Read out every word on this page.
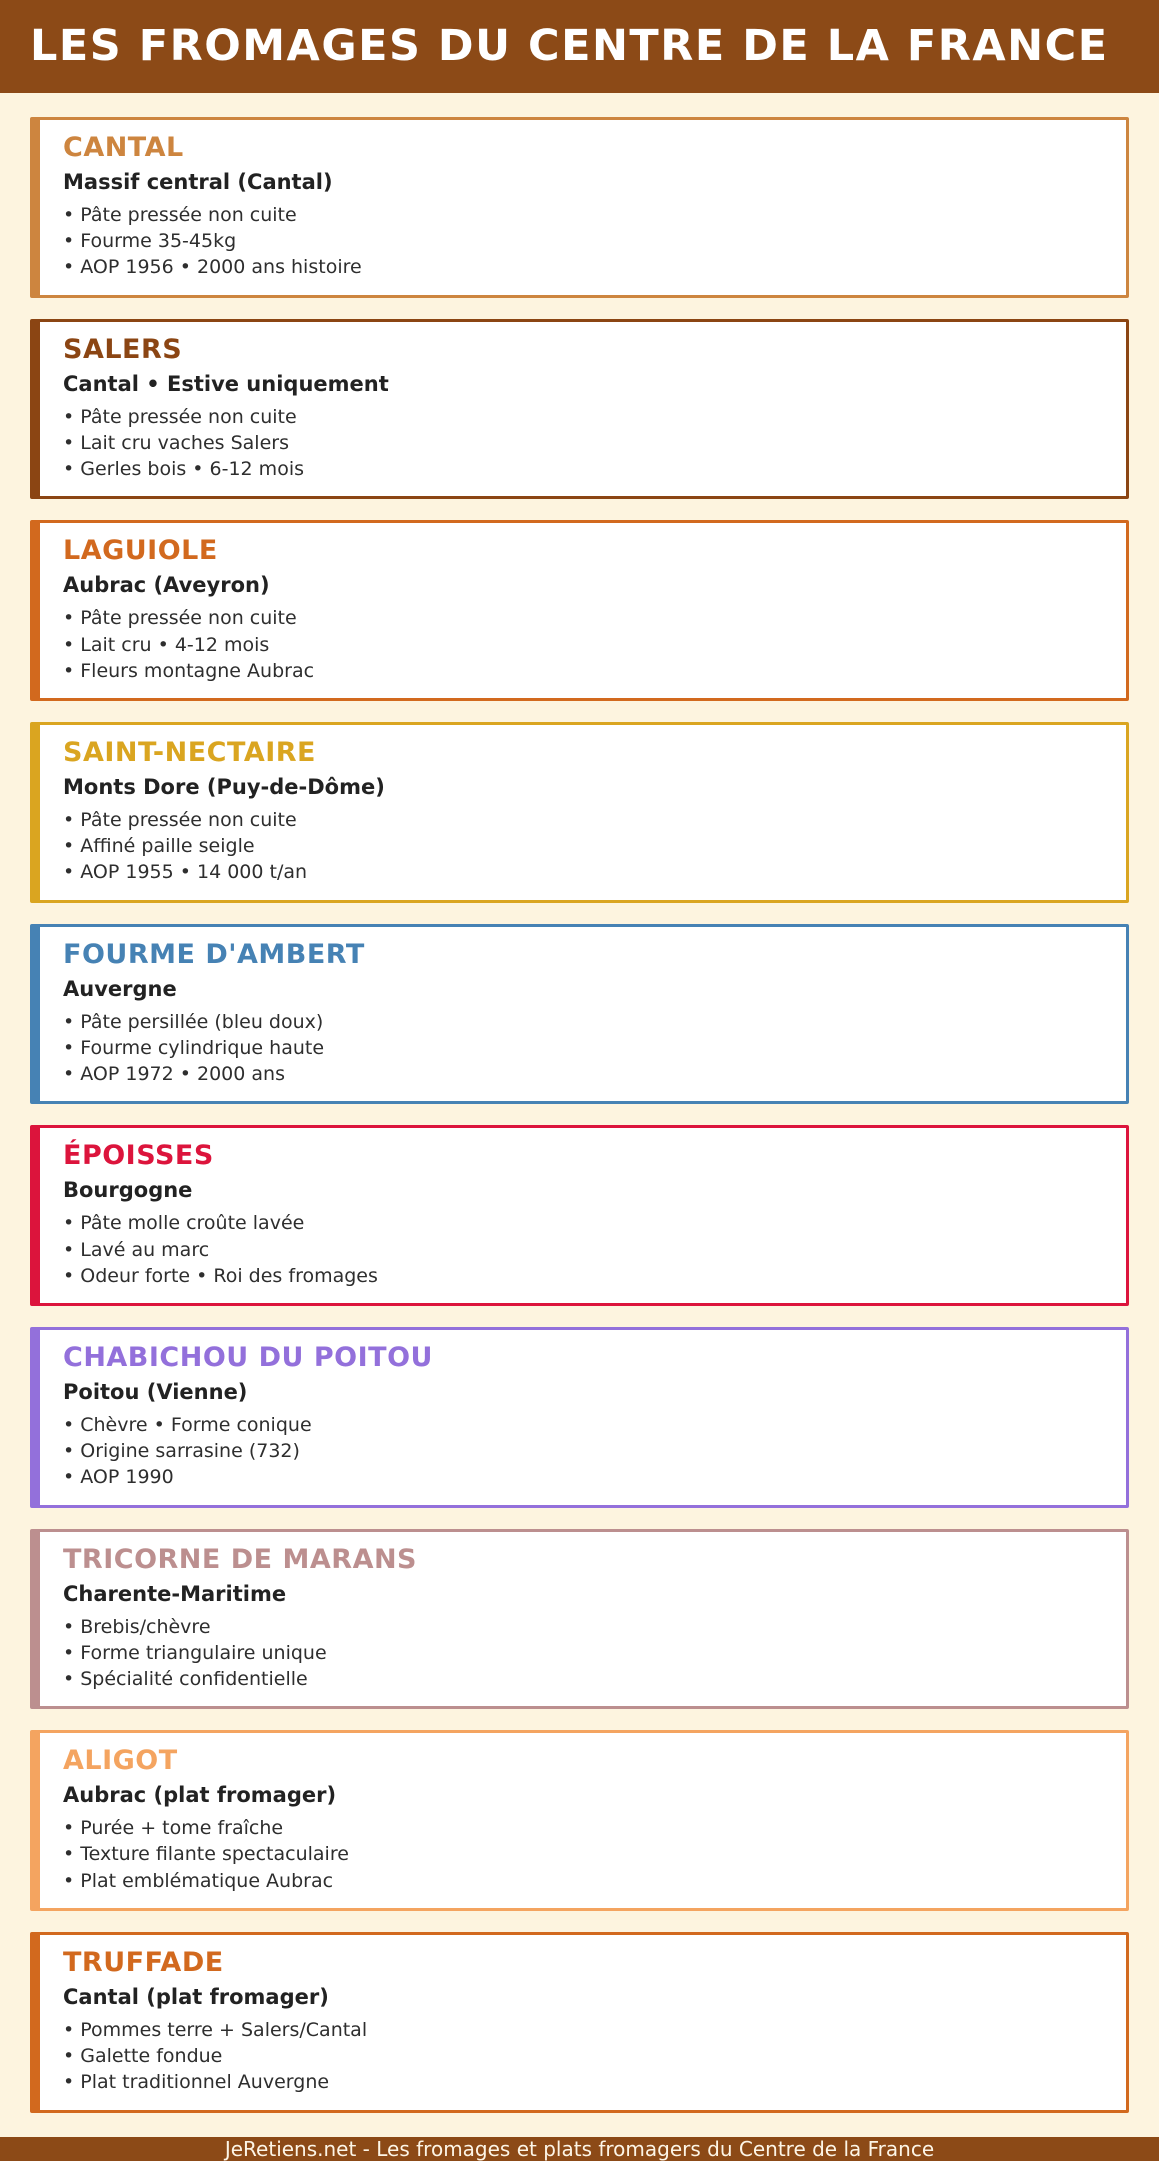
LES FROMAGES DU CENTRE DE LA FRANCE
CANTAL
Massif central (Cantal)
• Pâte pressée non cuite
• Fourme 35-45kg
• AOP 1956 • 2000 ans histoire
SALERS
Cantal • Estive uniquement
• Pâte pressée non cuite
• Lait cru vaches Salers
• Gerles bois • 6-12 mois
LAGUIOLE
Aubrac (Aveyron)
• Pâte pressée non cuite
• Lait cru • 4-12 mois
• Fleurs montagne Aubrac
SAINT-NECTAIRE
Monts Dore (Puy-de-Dôme)
• Pâte pressée non cuite
• Affiné paille seigle
• AOP 1955 • 14 000 t/an
FOURME D'AMBERT
Auvergne
• Pâte persillée (bleu doux)
• Fourme cylindrique haute
• AOP 1972 • 2000 ans
ÉPOISSES
Bourgogne
• Pâte molle croûte lavée
• Lavé au marc
• Odeur forte • Roi des fromages
CHABICHOU DU POITOU
Poitou (Vienne)
• Chèvre • Forme conique
• Origine sarrasine (732)
• AOP 1990
TRICORNE DE MARANS
Charente-Maritime
• Brebis/chèvre
• Forme triangulaire unique
• Spécialité confidentielle
ALIGOT
Aubrac (plat fromager)
• Purée + tome fraîche
• Texture filante spectaculaire
• Plat emblématique Aubrac
TRUFFADE
Cantal (plat fromager)
• Pommes terre + Salers/Cantal
• Galette fondue
• Plat traditionnel Auvergne
JeRetiens.net - Les fromages et plats fromagers du Centre de la France
